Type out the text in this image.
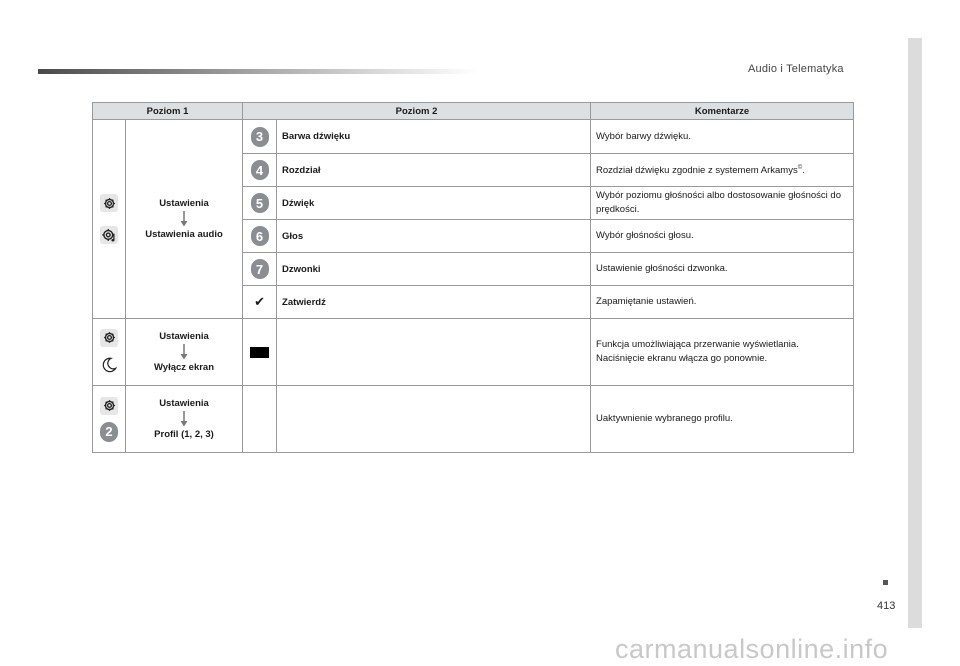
Audio i Telematyka
413
carmanualsonline.info
Poziom 1		Poziom 2		Komentarze

Ustawienia
Ustawienia audio	3	Barwa dźwięku	Wybór barwy dźwięku.

4	Rozdział	Rozdział dźwięku zgodnie z systemem Arkamys©.

5	Dźwięk	Wybór poziomu głośności albo dostosowanie głośności do prędkości.

6	Głos	Wybór głośności głosu.

7	Dzwonki	Ustawienie głośności dzwonka.
		✔	Zatwierdź	Zapamiętanie ustawień.

Ustawienia
Wyłącz ekran			Funkcja umożliwiająca przerwanie wyświetlania.
Naciśnięcie ekranu włącza go ponownie.

2	Ustawienia
Profil (1, 2, 3)			Uaktywnienie wybranego profilu.
